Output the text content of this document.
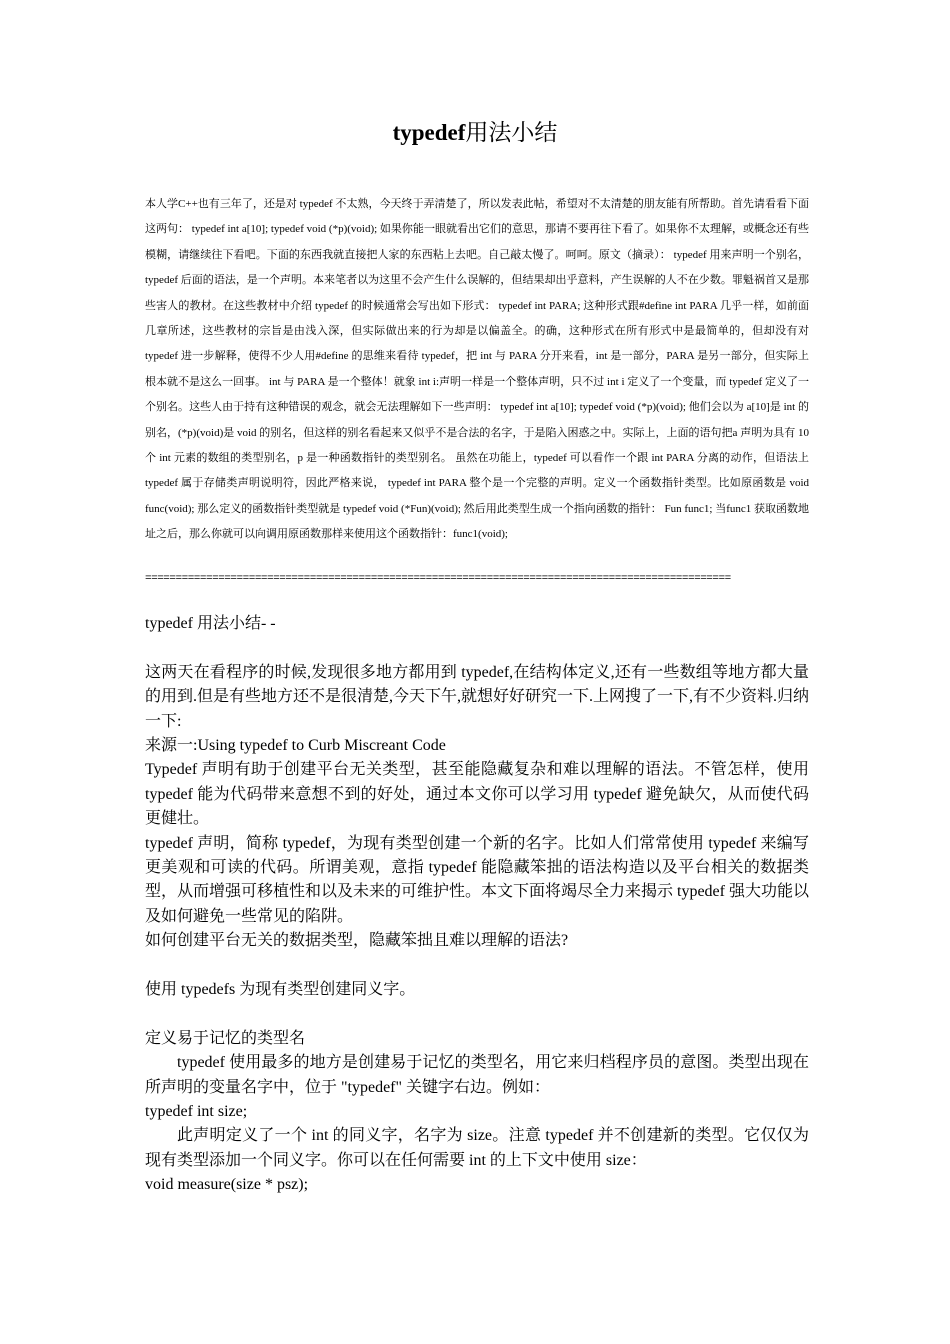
typedef用法小结

本人学C++也有三年了，还是对 typedef 不太熟，今天终于弄清楚了，所以发表此帖，希望对不太清楚的朋友能有所帮助。首先请看看下面这两句： typedef int a[10]; typedef void (*p)(void); 如果你能一眼就看出它们的意思，那请不要再往下看了。如果你不太理解，或概念还有些模糊，请继续往下看吧。下面的东西我就直接把人家的东西粘上去吧。自己敲太慢了。呵呵。原文（摘录）： typedef 用来声明一个别名，typedef 后面的语法，是一个声明。本来笔者以为这里不会产生什么误解的，但结果却出乎意料，产生误解的人不在少数。罪魁祸首又是那些害人的教材。在这些教材中介绍 typedef 的时候通常会写出如下形式： typedef int PARA; 这种形式跟#define int PARA 几乎一样，如前面几章所述，这些教材的宗旨是由浅入深，但实际做出来的行为却是以偏盖全。的确，这种形式在所有形式中是最简单的，但却没有对 typedef 进一步解释，使得不少人用#define 的思维来看待 typedef，把 int 与 PARA 分开来看，int 是一部分，PARA 是另一部分，但实际上根本就不是这么一回事。 int 与 PARA 是一个整体！就象 int i:声明一样是一个整体声明，只不过 int i 定义了一个变量，而 typedef 定义了一个别名。这些人由于持有这种错误的观念，就会无法理解如下一些声明： typedef int a[10]; typedef void (*p)(void); 他们会以为 a[10]是 int 的别名，(*p)(void)是 void 的别名，但这样的别名看起来又似乎不是合法的名字，于是陷入困惑之中。实际上，上面的语句把a 声明为具有 10 个 int 元素的数组的类型别名，p 是一种函数指针的类型别名。 虽然在功能上，typedef 可以看作一个跟 int PARA 分离的动作，但语法上 typedef 属于存储类声明说明符，因此严格来说， typedef int PARA 整个是一个完整的声明。定义一个函数指针类型。比如原函数是 void func(void); 那么定义的函数指针类型就是 typedef void (*Fun)(void); 然后用此类型生成一个指向函数的指针： Fun func1; 当func1 获取函数地址之后，那么你就可以向调用原函数那样来使用这个函数指针：func1(void);

================================================================================================

typedef 用法小结- -

这两天在看程序的时候,发现很多地方都用到 typedef,在结构体定义,还有一些数组等地方都大量的用到.但是有些地方还不是很清楚,今天下午,就想好好研究一下.上网搜了一下,有不少资料.归纳一下:

来源一:Using typedef to Curb Miscreant Code

Typedef 声明有助于创建平台无关类型，甚至能隐藏复杂和难以理解的语法。不管怎样，使用 typedef 能为代码带来意想不到的好处，通过本文你可以学习用 typedef 避免缺欠，从而使代码更健壮。

typedef 声明，简称 typedef，为现有类型创建一个新的名字。比如人们常常使用 typedef 来编写更美观和可读的代码。所谓美观，意指 typedef 能隐藏笨拙的语法构造以及平台相关的数据类型，从而增强可移植性和以及未来的可维护性。本文下面将竭尽全力来揭示 typedef 强大功能以及如何避免一些常见的陷阱。

如何创建平台无关的数据类型，隐藏笨拙且难以理解的语法?

使用 typedefs 为现有类型创建同义字。

定义易于记忆的类型名

typedef 使用最多的地方是创建易于记忆的类型名，用它来归档程序员的意图。类型出现在所声明的变量名字中，位于 "typedef" 关键字右边。例如：

typedef int size;

此声明定义了一个 int 的同义字，名字为 size。注意 typedef 并不创建新的类型。它仅仅为现有类型添加一个同义字。你可以在任何需要 int 的上下文中使用 size：

void measure(size * psz);
